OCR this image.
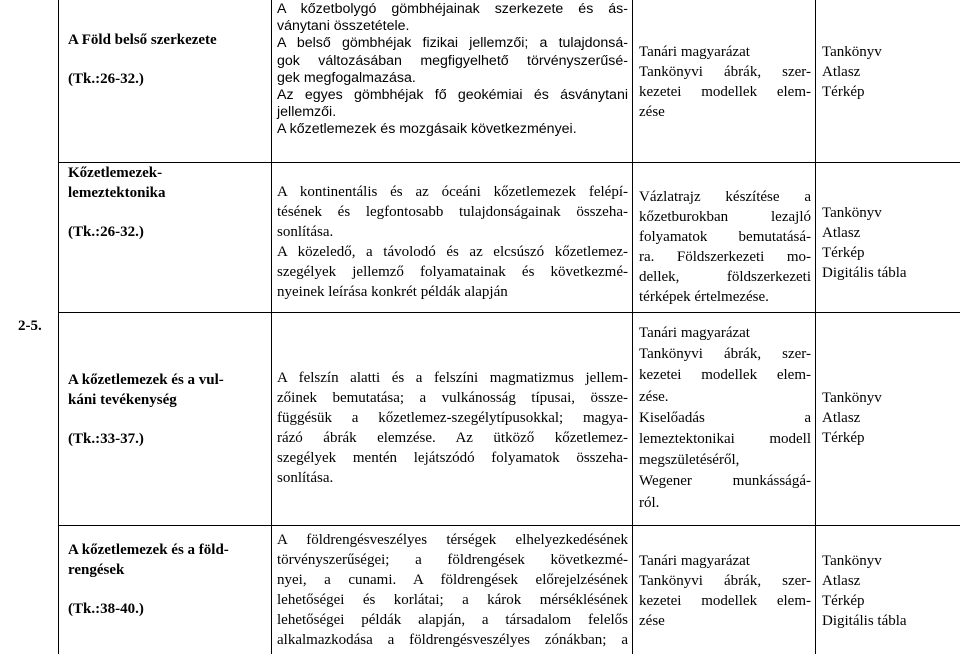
2-5.

A Föld belső szerkezete

(Tk.:26-32.)

A kőzetbolygó gömbhéjainak szerkezete és ás-

ványtani összetétele.

A belső gömbhéjak fizikai jellemzői; a tulajdonsá-

gok változásában megfigyelhető törvényszerűsé-

gek megfogalmazása.

Az egyes gömbhéjak fő geokémiai és ásványtani

jellemzői.

A kőzetlemezek és mozgásaik következményei.

Tanári magyarázat

Tankönyvi ábrák, szer-

kezetei modellek elem-

zése

Tankönyv

Atlasz

Térkép

Kőzetlemezek-

lemeztektonika

(Tk.:26-32.)

A kontinentális és az óceáni kőzetlemezek felépí-

tésének és legfontosabb tulajdonságainak összeha-

sonlítása.

A közeledő, a távolodó és az elcsúszó kőzetlemez-

szegélyek jellemző folyamatainak és következmé-

nyeinek leírása konkrét példák alapján

Vázlatrajz készítése a

kőzetburokban lezajló

folyamatok bemutatásá-

ra. Földszerkezeti mo-

dellek, földszerkezeti

térképek értelmezése.

Tankönyv

Atlasz

Térkép

Digitális tábla

A kőzetlemezek és a vul-

káni tevékenység

(Tk.:33-37.)

A felszín alatti és a felszíni magmatizmus jellem-

zőinek bemutatása; a vulkánosság típusai, össze-

függésük a kőzetlemez-szegélytípusokkal; magya-

rázó ábrák elemzése. Az ütköző kőzetlemez-

szegélyek mentén lejátszódó folyamatok összeha-

sonlítása.

Tanári magyarázat

Tankönyvi ábrák, szer-

kezetei modellek elem-

zése.

Kiselőadás a

lemeztektonikai modell

megszületéséről,

Wegener munkásságá-

ról.

Tankönyv

Atlasz

Térkép

A kőzetlemezek és a föld-

rengések

(Tk.:38-40.)

A földrengésveszélyes térségek elhelyezkedésének

törvényszerűségei; a földrengések következmé-

nyei, a cunami. A földrengések előrejelzésének

lehetőségei és korlátai; a károk mérséklésének

lehetőségei példák alapján, a társadalom felelős

alkalmazkodása a földrengésveszélyes zónákban; a

Tanári magyarázat

Tankönyvi ábrák, szer-

kezetei modellek elem-

zése

Tankönyv

Atlasz

Térkép

Digitális tábla
